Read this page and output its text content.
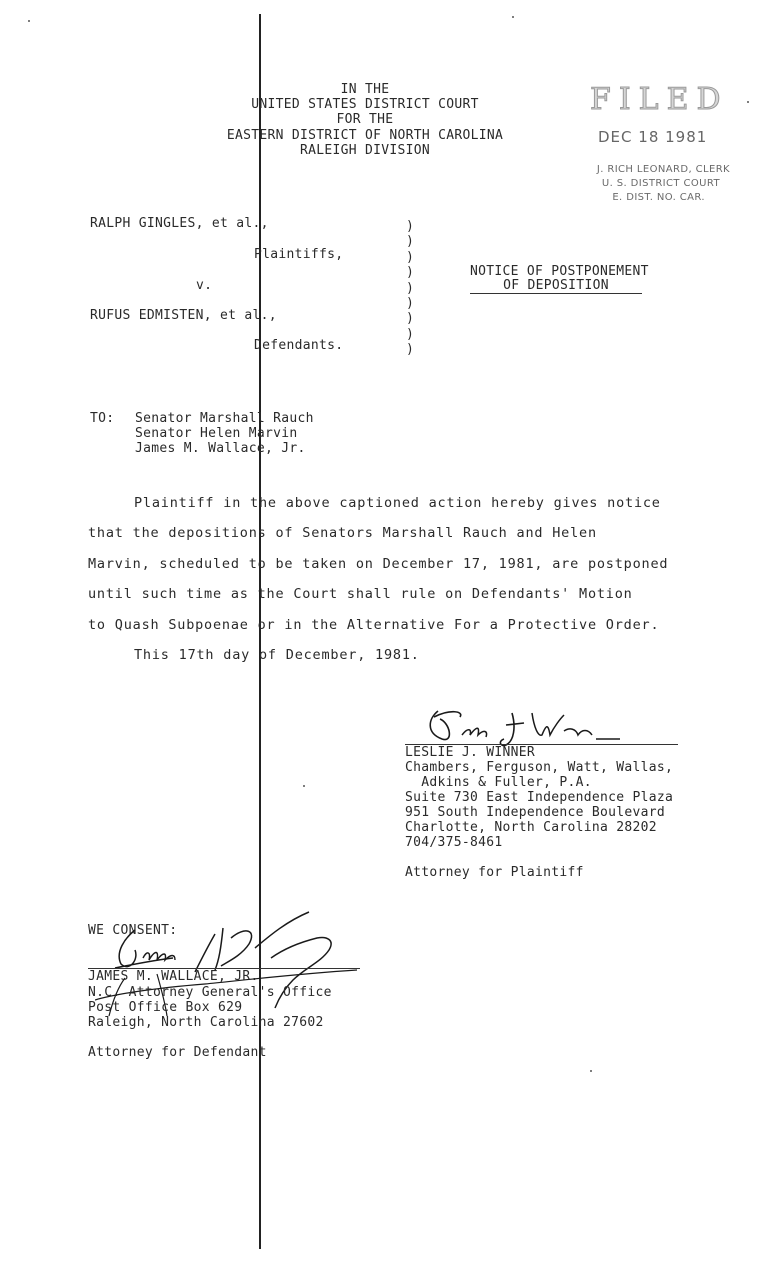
IN THE
UNITED STATES DISTRICT COURT
FOR THE
EASTERN DISTRICT OF NORTH CAROLINA
RALEIGH DIVISION
FILED
DEC 18 1981
J. RICH LEONARD, CLERK
U. S. DISTRICT COURT
E. DIST. NO. CAR.
RALPH GINGLES, et al.,
Plaintiffs,
v.
RUFUS EDMISTEN, et al.,
Defendants.
)
)
)
)
)
)
)
)
)
NOTICE OF POSTPONEMENT
OF DEPOSITION
TO: Senator Marshall Rauch
Senator Helen Marvin
James M. Wallace, Jr.
Plaintiff in the above captioned action hereby gives notice
that the depositions of Senators Marshall Rauch and Helen
Marvin, scheduled to be taken on December 17, 1981, are postponed
until such time as the Court shall rule on Defendants' Motion
to Quash Subpoenae or in the Alternative For a Protective Order.
This 17th day of December, 1981.
LESLIE J. WINNER
Chambers, Ferguson, Watt, Wallas,
Adkins & Fuller, P.A.
Suite 730 East Independence Plaza
951 South Independence Boulevard
Charlotte, North Carolina 28202
704/375-8461
Attorney for Plaintiff
WE CONSENT:
JAMES M. WALLACE, JR.
N.C. Attorney General's Office
Post Office Box 629
Raleigh, North Carolina 27602
Attorney for Defendant
